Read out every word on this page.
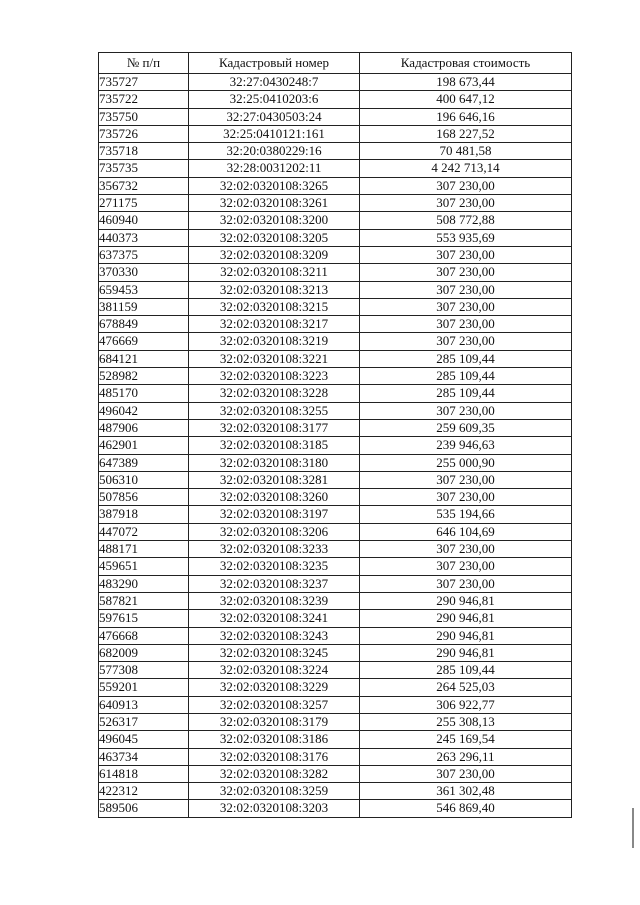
№ п/п	Кадастровый номер	Кадастровая стоимость
735727	32:27:0430248:7	198 673,44
735722	32:25:0410203:6	400 647,12
735750	32:27:0430503:24	196 646,16
735726	32:25:0410121:161	168 227,52
735718	32:20:0380229:16	70 481,58
735735	32:28:0031202:11	4 242 713,14
356732	32:02:0320108:3265	307 230,00
271175	32:02:0320108:3261	307 230,00
460940	32:02:0320108:3200	508 772,88
440373	32:02:0320108:3205	553 935,69
637375	32:02:0320108:3209	307 230,00
370330	32:02:0320108:3211	307 230,00
659453	32:02:0320108:3213	307 230,00
381159	32:02:0320108:3215	307 230,00
678849	32:02:0320108:3217	307 230,00
476669	32:02:0320108:3219	307 230,00
684121	32:02:0320108:3221	285 109,44
528982	32:02:0320108:3223	285 109,44
485170	32:02:0320108:3228	285 109,44
496042	32:02:0320108:3255	307 230,00
487906	32:02:0320108:3177	259 609,35
462901	32:02:0320108:3185	239 946,63
647389	32:02:0320108:3180	255 000,90
506310	32:02:0320108:3281	307 230,00
507856	32:02:0320108:3260	307 230,00
387918	32:02:0320108:3197	535 194,66
447072	32:02:0320108:3206	646 104,69
488171	32:02:0320108:3233	307 230,00
459651	32:02:0320108:3235	307 230,00
483290	32:02:0320108:3237	307 230,00
587821	32:02:0320108:3239	290 946,81
597615	32:02:0320108:3241	290 946,81
476668	32:02:0320108:3243	290 946,81
682009	32:02:0320108:3245	290 946,81
577308	32:02:0320108:3224	285 109,44
559201	32:02:0320108:3229	264 525,03
640913	32:02:0320108:3257	306 922,77
526317	32:02:0320108:3179	255 308,13
496045	32:02:0320108:3186	245 169,54
463734	32:02:0320108:3176	263 296,11
614818	32:02:0320108:3282	307 230,00
422312	32:02:0320108:3259	361 302,48
589506	32:02:0320108:3203	546 869,40
